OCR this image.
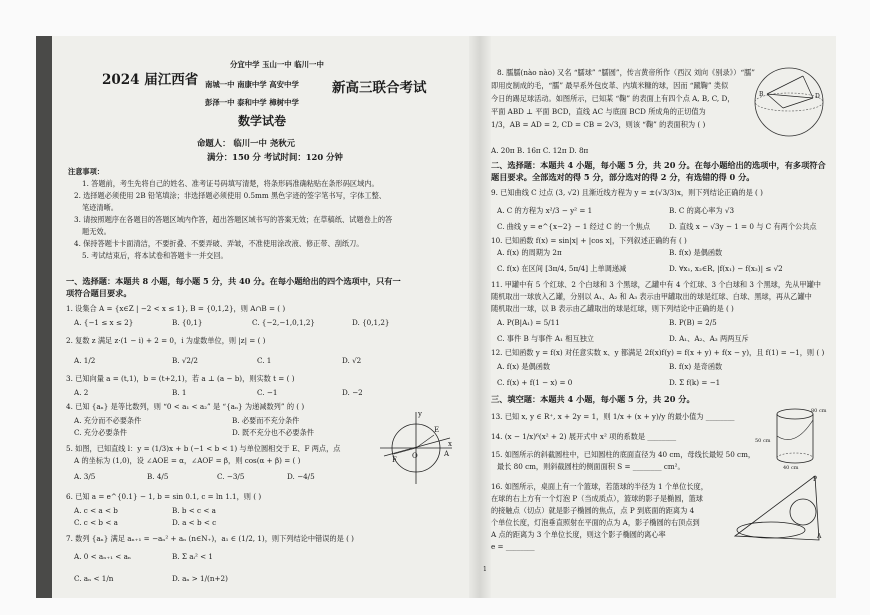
分宜中学 玉山一中 临川一中
2024 届江西省 南城一中 南康中学 高安中学 新高三联合考试
彭泽一中 泰和中学 樟树中学
数学试卷
命题人： 临川一中 尧秋元
满分：150 分 考试时间：120 分钟
注意事项：
1. 答题前，考生先将自己的姓名、准考证号码填写清楚，将条形码准确粘贴在条形码区域内。
2. 选择题必须使用 2B 铅笔填涂；非选择题必须使用 0.5mm 黑色字迹的签字笔书写，字体工整、
笔迹清晰。
3. 请按照题序在各题目的答题区域内作答，超出答题区域书写的答案无效；在草稿纸、试题卷上的答
题无效。
4. 保持答题卡卡面清洁，不要折叠、不要弄破、弄皱，不准使用涂改液、修正带、刮纸刀。
5. 考试结束后，将本试卷和答题卡一并交回。
一、选择题：本题共 8 小题，每小题 5 分，共 40 分。在每小题给出的四个选项中，只有一
项符合题目要求。
1. 设集合 A = {x∈Z | −2 < x ≤ 1}, B = {0,1,2}，则 A∩B = ( )
A. {−1 ≤ x ≤ 2}	B. {0,1}	C. {−2,−1,0,1,2}	D. {0,1,2}
2. 复数 z 满足 z·(1 − i) + 2 = 0，i 为虚数单位，则 |z| = ( )
A. 1/2	B. √2/2	C. 1	D. √2
3. 已知向量 a = (t,1)，b = (t+2,1)，若 a ⊥ (a − b)，则实数 t = ( )
A. 2	B. 1	C. −1	D. −2
4. 已知 {aₙ} 是等比数列，则 “0 < a₁ < a₂” 是 “{aₙ} 为递减数列” 的 ( )
A. 充分而不必要条件	B. 必要而不充分条件
C. 充分必要条件	D. 既不充分也不必要条件
5. 如图，已知直线 l：y = (1/3)x + b (−1 < b < 1) 与单位圆相交于 E、F 两点，点
A 的坐标为 (1,0)，设 ∠AOE = α，∠AOF = β，则 cos(α + β) = ( )
A. 3/5	B. 4/5	C. −3/5	D. −4/5
F
E
O	A
x
y
6. 已知 a = e^{0.1} − 1, b = sin 0.1, c = ln 1.1，则 ( )
A. c < a < b	B. b < c < a
C. c < b < a	D. a < b < c
7. 数列 {aₙ} 满足 aₙ₊₁ = −aₙ² + aₙ (n∈N₊)，a₁ ∈ (1/2, 1)，则下列结论中错误的是 ( )
A. 0 < aₙ₊₁ < aₙ	B. Σ aᵢ² < 1
C. aₙ < 1/n	D. aₙ > 1/(n+2)
8. 臑臑(nào nào) 又名 “臑球” “臑圆”，传言黄帝所作（西汉 刘向《别录》）“臑”
即用皮制成的毛，“臑” 最早系外包皮革、内填米糠的球，因而 “蹴鞠” 类似
今日的踢足球活动。如图所示，已知某 “鞠” 的表面上有四个点 A, B, C, D，
平面 ABD ⊥ 平面 BCD，直线 AC 与底面 BCD 所成角的正切值为
1/3，AB = AD = 2, CD = CB = 2√3，则该 “鞠” 的表面积为 ( )
A. 20π B. 16π C. 12π D. 8π
B	D
二、选择题：本题共 4 小题，每小题 5 分，共 20 分。在每小题给出的选项中，有多项符合
题目要求。全部选对的得 5 分，部分选对的得 2 分，有选错的得 0 分。
9. 已知曲线 C 过点 (3, √2) 且渐近线方程为 y = ±(√3/3)x，则下列结论正确的是 ( )
A. C 的方程为 x²/3 − y² = 1	B. C 的离心率为 √3
C. 曲线 y = e^{x−2} − 1 经过 C 的一个焦点	D. 直线 x − √3y − 1 = 0 与 C 有两个公共点
10. 已知函数 f(x) = sin|x| + |cos x|，下列叙述正确的有 ( )
A. f(x) 的周期为 2π	B. f(x) 是偶函数
C. f(x) 在区间 [3π/4, 5π/4] 上单调递减	D. ∀x₁, x₂∈R, |f(x₁) − f(x₂)| ≤ √2
11. 甲罐中有 5 个红球、2 个白球和 3 个黑球，乙罐中有 4 个红球、3 个白球和 3 个黑球，先从甲罐中
随机取出一球放入乙罐，分别以 A₁、A₂ 和 A₃ 表示由甲罐取出的球是红球、白球、黑球，再从乙罐中
随机取出一球，以 B 表示由乙罐取出的球是红球，则下列结论中正确的是 ( )
A. P(B|A₁) = 5/11	B. P(B) = 2/5
C. 事件 B 与事件 A₁ 相互独立	D. A₁、A₂、A₃ 两两互斥
12. 已知函数 y = f(x) 对任意实数 x、y 都满足 2f(x)f(y) = f(x + y) + f(x − y)，且 f(1) = −1，则 ( )
A. f(x) 是偶函数	B. f(x) 是奇函数
C. f(x) + f(1 − x) = 0	D. Σ f(k) = −1
三、填空题：本题共 4 小题，每小题 5 分，共 20 分。
13. 已知 x, y ∈ R⁺, x + 2y = 1，则 1/x + (x + y)/y 的最小值为 ________
14. (x − 1/x)⁶(x² + 2) 展开式中 x² 项的系数是 ________
15. 如图所示的斜截圆柱中，已知圆柱的底面直径为 40 cm，母线长最短 50 cm，
最长 80 cm，则斜截圆柱的侧面面积 S = ________ cm²。
50 cm
80 cm
40 cm
16. 如图所示，桌面上有一个篮球，若篮球的半径为 1 个单位长度，
在球的右上方有一个灯泡 P（当成质点），篮球的影子是椭圆，篮球
的接触点（切点）就是影子椭圆的焦点，点 P 到底面的距离为 4
个单位长度，灯泡垂直照射在平面的点为 A，影子椭圆的右顶点到
A 点的距离为 3 个单位长度，则这个影子椭圆的离心率
e = ________
P
A
1
